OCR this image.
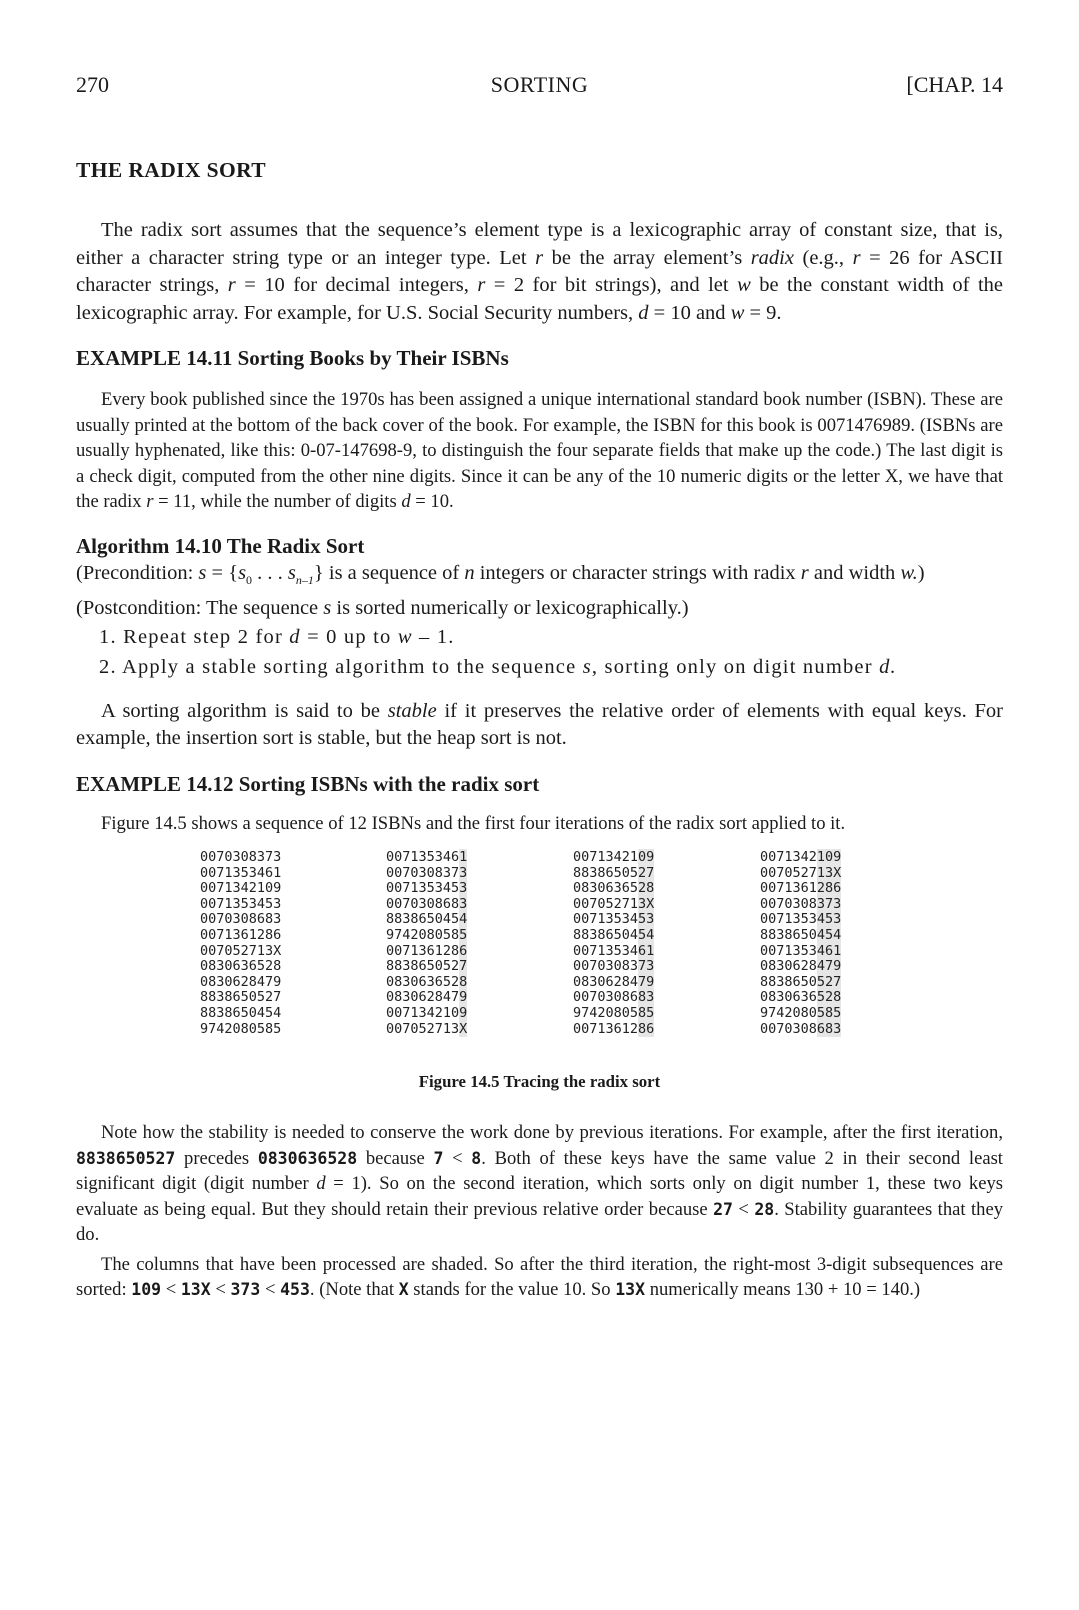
270	SORTING	[CHAP. 14
THE RADIX SORT

The radix sort assumes that the sequence’s element type is a lexicographic array of constant size, that is, either a character string type or an integer type. Let r be the array element’s radix (e.g., r = 26 for ASCII character strings, r = 10 for decimal integers, r = 2 for bit strings), and let w be the constant width of the lexicographic array. For example, for U.S. Social Security numbers, d = 10 and w = 9.

EXAMPLE 14.11 Sorting Books by Their ISBNs

Every book published since the 1970s has been assigned a unique international standard book number (ISBN). These are usually printed at the bottom of the back cover of the book. For example, the ISBN for this book is 0071476989. (ISBNs are usually hyphenated, like this: 0-07-147698-9, to distinguish the four separate fields that make up the code.) The last digit is a check digit, computed from the other nine digits. Since it can be any of the 10 numeric digits or the letter X, we have that the radix r = 11, while the number of digits d = 10.

Algorithm 14.10 The Radix Sort

(Precondition: $s = \{s_0$ . . . $s_{n-1}$} is a sequence of n integers or character strings with radix r and width w.)

(Postcondition: The sequence s is sorted numerically or lexicographically.)

1. Repeat step 2 for d = 0 up to w – 1.
2. Apply a stable sorting algorithm to the sequence s, sorting only on digit number d.

A sorting algorithm is said to be stable if it preserves the relative order of elements with equal keys. For example, the insertion sort is stable, but the heap sort is not.

EXAMPLE 14.12 Sorting ISBNs with the radix sort

Figure 14.5 shows a sequence of 12 ISBNs and the first four iterations of the radix sort applied to it.

0070308373
0071353461
0071342109
0071353453
0070308683
0071361286
007052713X
0830636528
0830628479
8838650527
8838650454
9742080585
0071353461
0070308373
0071353453
0070308683
8838650454
9742080585
0071361286
8838650527
0830636528
0830628479
0071342109
007052713X
0071342109
8838650527
0830636528
007052713X
0071353453
8838650454
0071353461
0070308373
0830628479
0070308683
9742080585
0071361286
0071342109
007052713X
0071361286
0070308373
0071353453
8838650454
0071353461
0830628479
8838650527
0830636528
9742080585
0070308683
Figure 14.5 Tracing the radix sort

Note how the stability is needed to conserve the work done by previous iterations. For example, after the first iteration, 8838650527 precedes 0830636528 because 7 < 8. Both of these keys have the same value 2 in their second least significant digit (digit number d = 1). So on the second iteration, which sorts only on digit number 1, these two keys evaluate as being equal. But they should retain their previous relative order because 27 < 28. Stability guarantees that they do.

The columns that have been processed are shaded. So after the third iteration, the right-most 3-digit subsequences are sorted: 109 < 13X < 373 < 453. (Note that X stands for the value 10. So 13X numerically means 130 + 10 = 140.)
